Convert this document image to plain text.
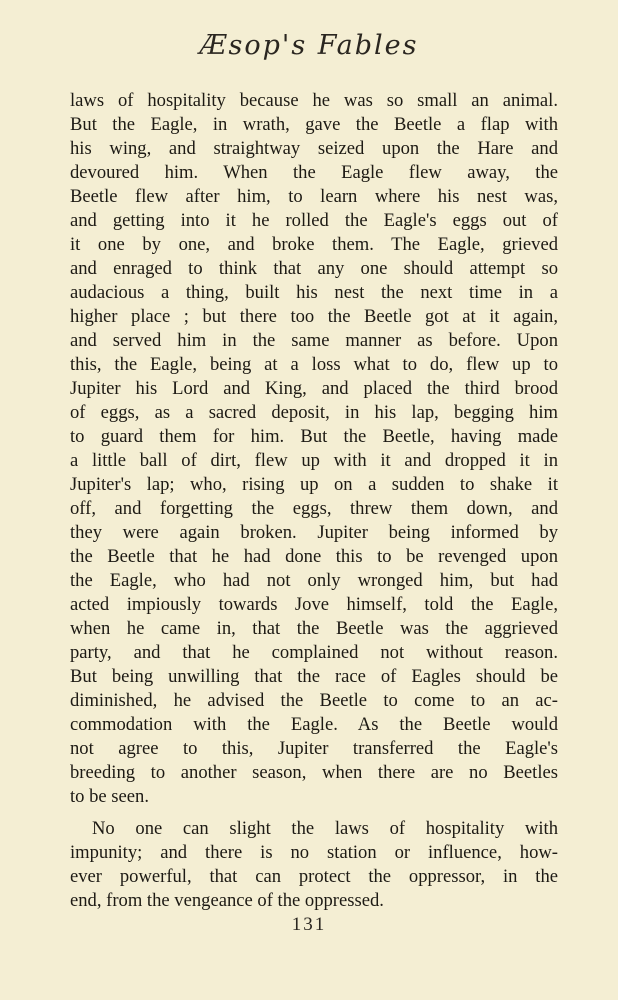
Æsop's Fables
laws of hospitality because he was so small an animal.
But the Eagle, in wrath, gave the Beetle a flap with
his wing, and straightway seized upon the Hare and
devoured him. When the Eagle flew away, the
Beetle flew after him, to learn where his nest was,
and getting into it he rolled the Eagle's eggs out of
it one by one, and broke them. The Eagle, grieved
and enraged to think that any one should attempt so
audacious a thing, built his nest the next time in a
higher place ; but there too the Beetle got at it again,
and served him in the same manner as before. Upon
this, the Eagle, being at a loss what to do, flew up to
Jupiter his Lord and King, and placed the third brood
of eggs, as a sacred deposit, in his lap, begging him
to guard them for him. But the Beetle, having made
a little ball of dirt, flew up with it and dropped it in
Jupiter's lap; who, rising up on a sudden to shake it
off, and forgetting the eggs, threw them down, and
they were again broken. Jupiter being informed by
the Beetle that he had done this to be revenged upon
the Eagle, who had not only wronged him, but had
acted impiously towards Jove himself, told the Eagle,
when he came in, that the Beetle was the aggrieved
party, and that he complained not without reason.
But being unwilling that the race of Eagles should be
diminished, he advised the Beetle to come to an ac-
commodation with the Eagle. As the Beetle would
not agree to this, Jupiter transferred the Eagle's
breeding to another season, when there are no Beetles
to be seen.
No one can slight the laws of hospitality with
impunity; and there is no station or influence, how-
ever powerful, that can protect the oppressor, in the
end, from the vengeance of the oppressed.
131
